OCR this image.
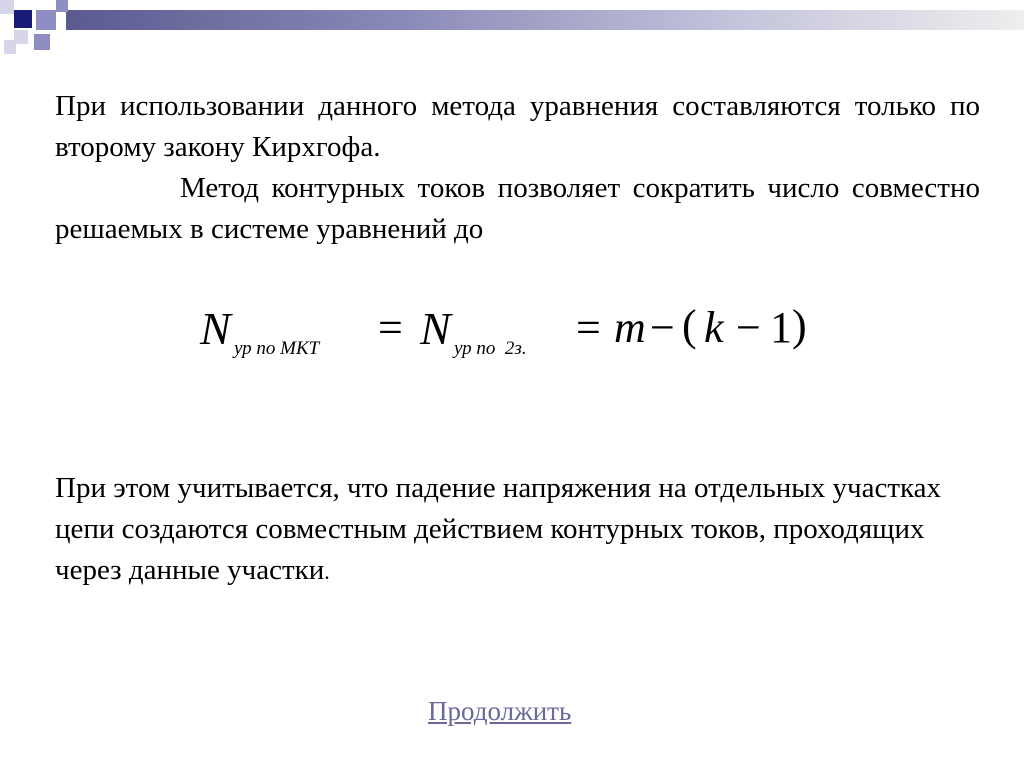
При использовании данного метода уравнения составляются только по второму закону Кирхгофа.

Метод контурных токов позволяет сократить число совместно решаемых в системе уравнений до

N ур по МКТ = N ур по  2з. = m − ( k − 1 )

При этом учитывается, что падение напряжения на отдельных участках цепи создаются совместным действием контурных токов, проходящих через данные участки.

Продолжить
